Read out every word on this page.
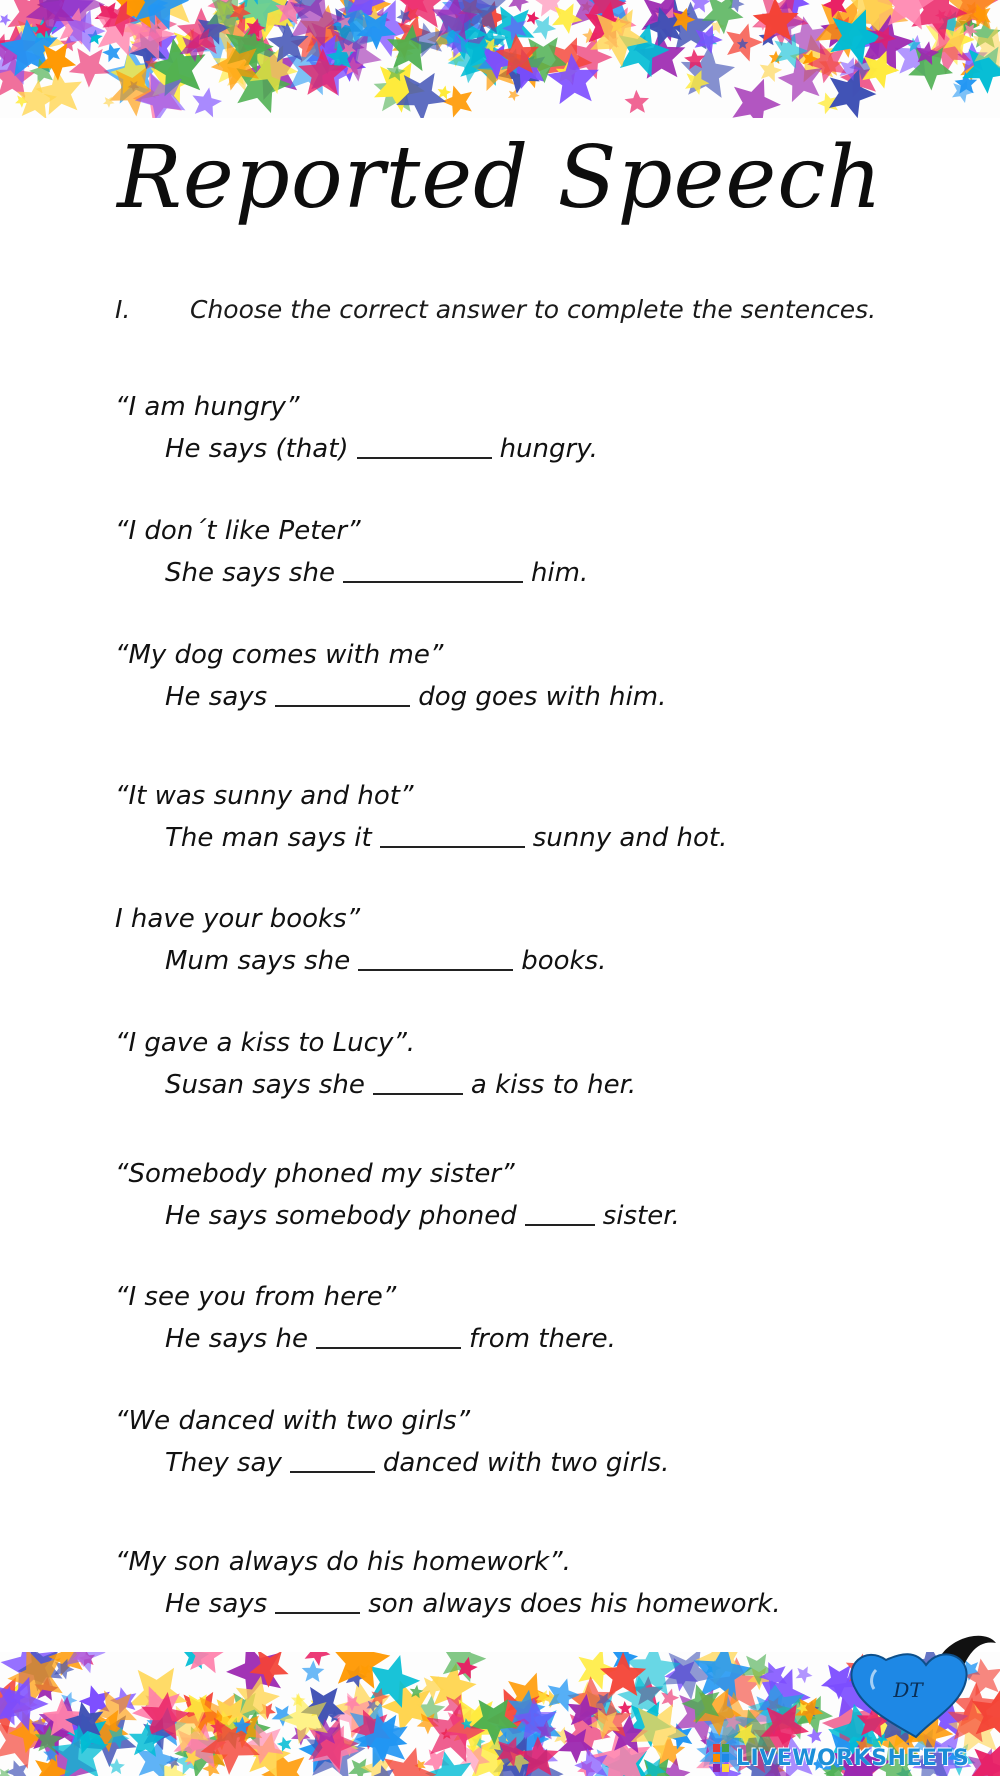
Reported Speech
I. Choose the correct answer to complete the sentences.
“I am hungry”
He says (that)	hungry.
“I don´t like Peter”
She says she	him.
“My dog comes with me”
He says	dog goes with him.
“It was sunny and hot”
The man says it	sunny and hot.
I have your books”
Mum says she	books.
“I gave a kiss to Lucy”.
Susan says she	a kiss to her.
“Somebody phoned my sister”
He says somebody phoned	sister.
“I see you from here”
He says he	from there.
“We danced with two girls”
They say	danced with two girls.
“My son always do his homework”.
He says	son always does his homework.
DT
LIVEWORKSHEETS
